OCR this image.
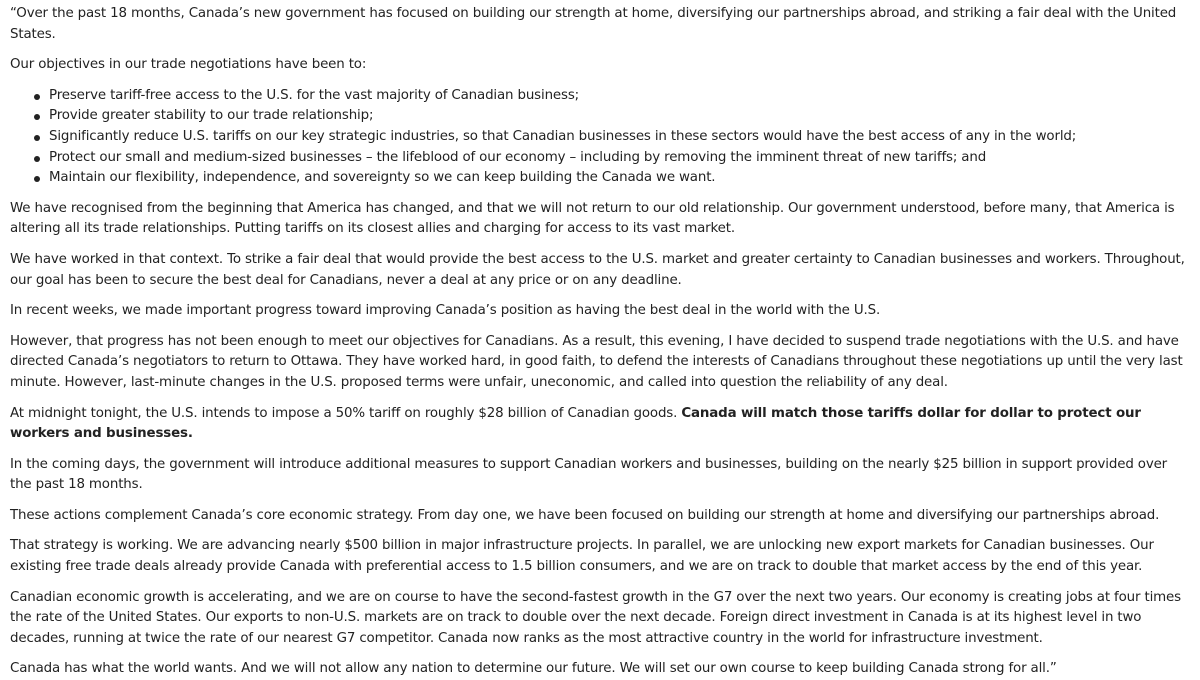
“Over the past 18 months, Canada’s new government has focused on building our strength at home, diversifying our partnerships abroad, and striking a fair deal with the United States.

Our objectives in our trade negotiations have been to:

Preserve tariff-free access to the U.S. for the vast majority of Canadian business;
Provide greater stability to our trade relationship;
Significantly reduce U.S. tariffs on our key strategic industries, so that Canadian businesses in these sectors would have the best access of any in the world;
Protect our small and medium-sized businesses – the lifeblood of our economy – including by removing the imminent threat of new tariffs; and
Maintain our flexibility, independence, and sovereignty so we can keep building the Canada we want.

We have recognised from the beginning that America has changed, and that we will not return to our old relationship. Our government understood, before many, that America is altering all its trade relationships. Putting tariffs on its closest allies and charging for access to its vast market.

We have worked in that context. To strike a fair deal that would provide the best access to the U.S. market and greater certainty to Canadian businesses and workers. Throughout, our goal has been to secure the best deal for Canadians, never a deal at any price or on any deadline.

In recent weeks, we made important progress toward improving Canada’s position as having the best deal in the world with the U.S.

However, that progress has not been enough to meet our objectives for Canadians. As a result, this evening, I have decided to suspend trade negotiations with the U.S. and have directed Canada’s negotiators to return to Ottawa. They have worked hard, in good faith, to defend the interests of Canadians throughout these negotiations up until the very last minute. However, last-minute changes in the U.S. proposed terms were unfair, uneconomic, and called into question the reliability of any deal.

At midnight tonight, the U.S. intends to impose a 50% tariff on roughly $28 billion of Canadian goods. Canada will match those tariffs dollar for dollar to protect our workers and businesses.

In the coming days, the government will introduce additional measures to support Canadian workers and businesses, building on the nearly $25 billion in support provided over the past 18 months.

These actions complement Canada’s core economic strategy. From day one, we have been focused on building our strength at home and diversifying our partnerships abroad.

That strategy is working. We are advancing nearly $500 billion in major infrastructure projects. In parallel, we are unlocking new export markets for Canadian businesses. Our existing free trade deals already provide Canada with preferential access to 1.5 billion consumers, and we are on track to double that market access by the end of this year.

Canadian economic growth is accelerating, and we are on course to have the second-fastest growth in the G7 over the next two years. Our economy is creating jobs at four times the rate of the United States. Our exports to non-U.S. markets are on track to double over the next decade. Foreign direct investment in Canada is at its highest level in two decades, running at twice the rate of our nearest G7 competitor. Canada now ranks as the most attractive country in the world for infrastructure investment.

Canada has what the world wants. And we will not allow any nation to determine our future. We will set our own course to keep building Canada strong for all.”
